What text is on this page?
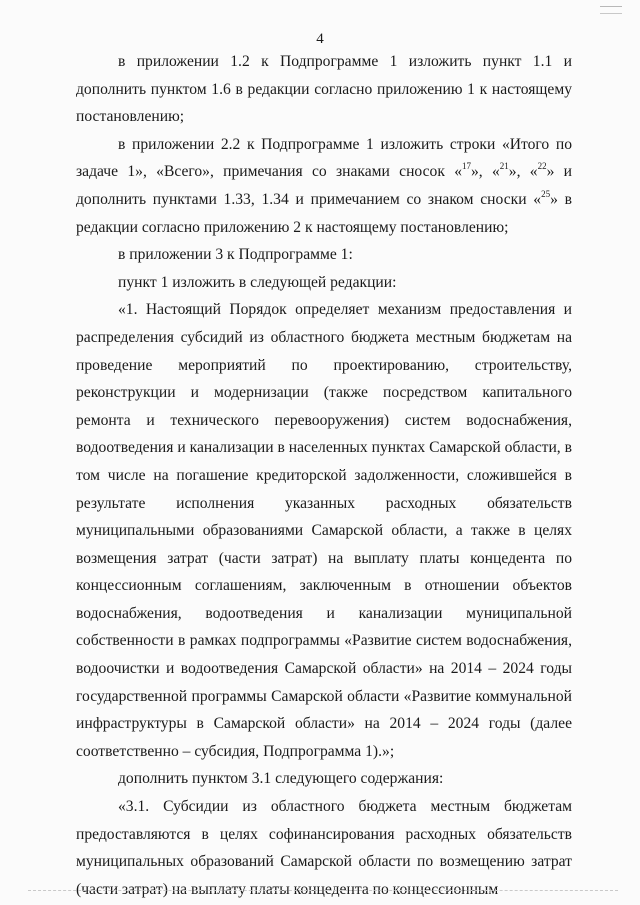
4

в приложении 1.2 к Подпрограмме 1 изложить пункт 1.1 и дополнить пунктом 1.6 в редакции согласно приложению 1 к настоящему постановлению;

в приложении 2.2 к Подпрограмме 1 изложить строки «Итого по задаче 1», «Всего», примечания со знаками сносок «$^{17}$», «$^{21}$», «$^{22}$» и дополнить пунктами 1.33, 1.34 и примечанием со знаком сноски «$^{25}$» в редакции согласно приложению 2 к настоящему постановлению;

в приложении 3 к Подпрограмме 1:

пункт 1 изложить в следующей редакции:

«1. Настоящий Порядок определяет механизм предоставления и распределения субсидий из областного бюджета местным бюджетам на проведение мероприятий по проектированию, строительству, реконструкции и модернизации (также посредством капитального ремонта и технического перевооружения) систем водоснабжения, водоотведения и канализации в населенных пунктах Самарской области, в том числе на погашение кредиторской задолженности, сложившейся в результате исполнения указанных расходных обязательств муниципальными образованиями Самарской области, а также в целях возмещения затрат (части затрат) на выплату платы концедента по концессионным соглашениям, заключенным в отношении объектов водоснабжения, водоотведения и канализации муниципальной собственности в рамках подпрограммы «Развитие систем водоснабжения, водоочистки и водоотведения Самарской области» на 2014 – 2024 годы государственной программы Самарской области «Развитие коммунальной инфраструктуры в Самарской области» на 2014 – 2024 годы (далее соответственно – субсидия, Подпрограмма 1).»;

дополнить пунктом 3.1 следующего содержания:

«3.1. Субсидии из областного бюджета местным бюджетам предоставляются в целях софинансирования расходных обязательств муниципальных образований Самарской области по возмещению затрат (части затрат) на выплату платы концедента по концессионным
